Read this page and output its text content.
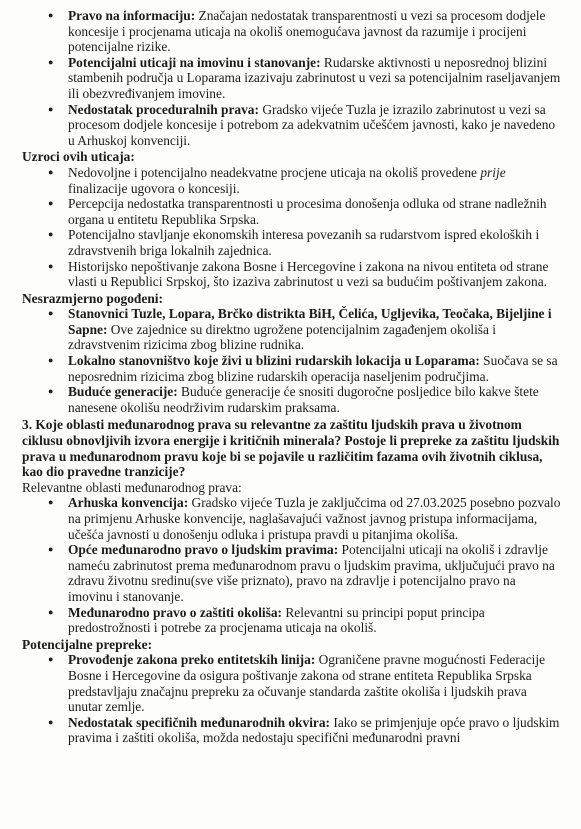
● Pravo na informaciju: Značajan nedostatak transparentnosti u vezi sa procesom dodjele koncesije i procjenama uticaja na okoliš onemogućava javnost da razumije i procijeni potencijalne rizike.
● Potencijalni uticaji na imovinu i stanovanje: Rudarske aktivnosti u neposrednoj blizini stambenih područja u Loparama izazivaju zabrinutost u vezi sa potencijalnim raseljavanjem ili obezvređivanjem imovine.
● Nedostatak proceduralnih prava: Gradsko vijeće Tuzla je izrazilo zabrinutost u vezi sa procesom dodjele koncesije i potrebom za adekvatnim učešćem javnosti, kako je navedeno u Arhuskoj konvenciji.
Uzroci ovih uticaja:
● Nedovoljne i potencijalno neadekvatne procjene uticaja na okoliš provedene prije finalizacije ugovora o koncesiji.
● Percepcija nedostatka transparentnosti u procesima donošenja odluka od strane nadležnih organa u entitetu Republika Srpska.
● Potencijalno stavljanje ekonomskih interesa povezanih sa rudarstvom ispred ekoloških i zdravstvenih briga lokalnih zajednica.
● Historijsko nepoštivanje zakona Bosne i Hercegovine i zakona na nivou entiteta od strane vlasti u Republici Srpskoj, što izaziva zabrinutost u vezi sa budućim poštivanjem zakona.
Nesrazmjerno pogođeni:
● Stanovnici Tuzle, Lopara, Brčko distrikta BiH, Čelića, Ugljevika, Teočaka, Bijeljine i Sapne: Ove zajednice su direktno ugrožene potencijalnim zagađenjem okoliša i zdravstvenim rizicima zbog blizine rudnika.
● Lokalno stanovništvo koje živi u blizini rudarskih lokacija u Loparama: Suočava se sa neposrednim rizicima zbog blizine rudarskih operacija naseljenim područjima.
● Buduće generacije: Buduće generacije će snositi dugoročne posljedice bilo kakve štete nanesene okolišu neodrživim rudarskim praksama.
3. Koje oblasti međunarodnog prava su relevantne za zaštitu ljudskih prava u životnom ciklusu obnovljivih izvora energije i kritičnih minerala? Postoje li prepreke za zaštitu ljudskih prava u međunarodnom pravu koje bi se pojavile u različitim fazama ovih životnih ciklusa, kao dio pravedne tranzicije?
Relevantne oblasti međunarodnog prava:
● Arhuska konvencija: Gradsko vijeće Tuzla je zaključcima od 27.03.2025 posebno pozvalo na primjenu Arhuske konvencije, naglašavajući važnost javnog pristupa informacijama, učešća javnosti u donošenju odluka i pristupa pravdi u pitanjima okoliša.
● Opće međunarodno pravo o ljudskim pravima: Potencijalni uticaji na okoliš i zdravlje nameću zabrinutost prema međunarodnom pravu o ljudskim pravima, uključujući pravo na zdravu životnu sredinu(sve više priznato), pravo na zdravlje i potencijalno pravo na imovinu i stanovanje.
● Međunarodno pravo o zaštiti okoliša: Relevantni su principi poput principa predostrožnosti i potrebe za procjenama uticaja na okoliš.
Potencijalne prepreke:
● Provođenje zakona preko entitetskih linija: Ograničene pravne mogućnosti Federacije Bosne i Hercegovine da osigura poštivanje zakona od strane entiteta Republika Srpska predstavljaju značajnu prepreku za očuvanje standarda zaštite okoliša i ljudskih prava unutar zemlje.
● Nedostatak specifičnih međunarodnih okvira: Iako se primjenjuje opće pravo o ljudskim pravima i zaštiti okoliša, možda nedostaju specifični međunarodni pravni
